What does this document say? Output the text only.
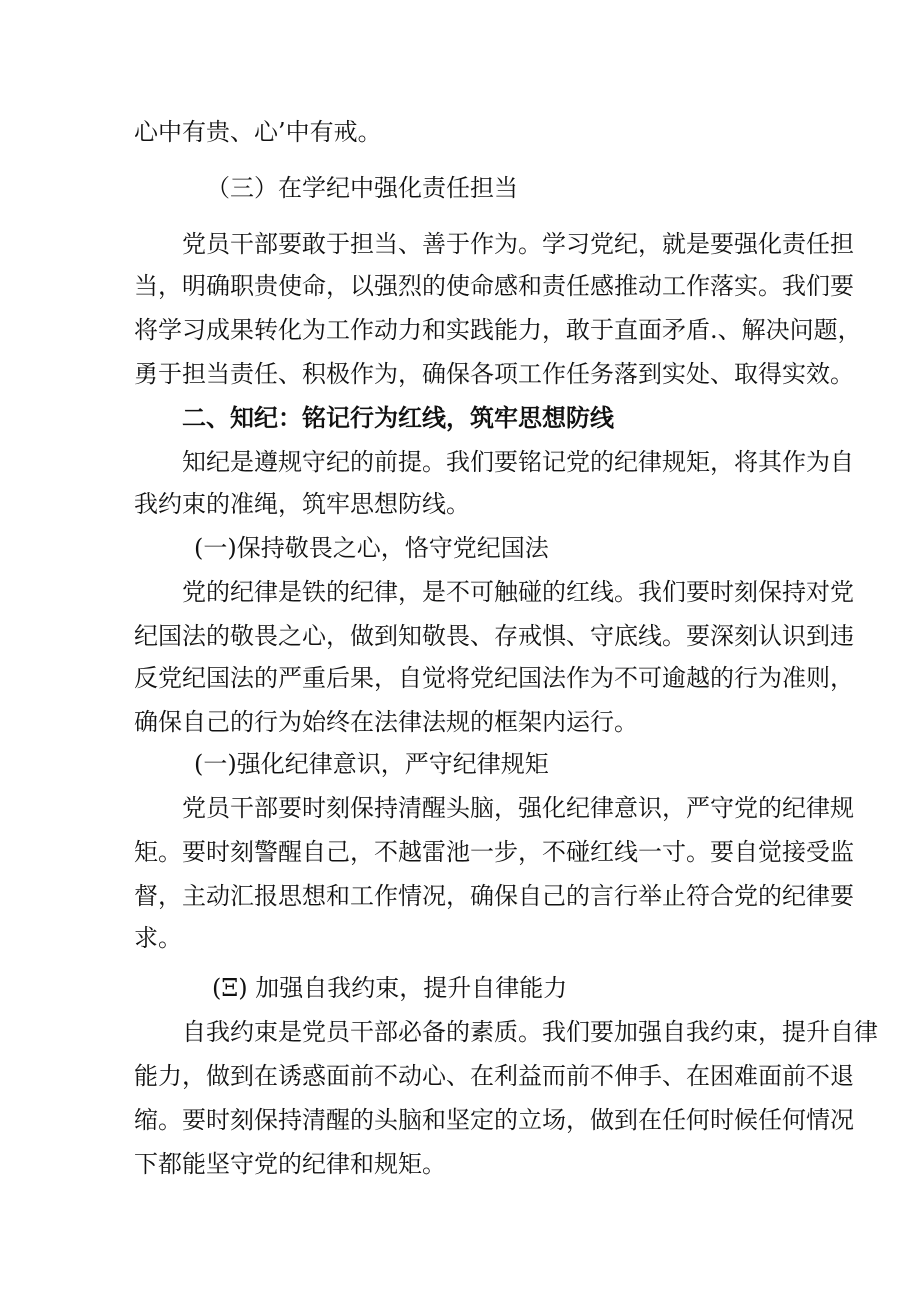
心中有贵、心’中有戒。

（三）在学纪中强化责任担当

党员干部要敢于担当、善于作为。学习党纪，就是要强化责任担

当，明确职贵使命，以强烈的使命感和责任感推动工作落实。我们要

将学习成果转化为工作动力和实践能力，敢于直面矛盾.、解决问题，

勇于担当责任、积极作为，确保各项工作任务落到实处、取得实效。

二、知纪：铭记行为红线，筑牢思想防线

知纪是遵规守纪的前提。我们要铭记党的纪律规矩，将其作为自

我约束的准绳，筑牢思想防线。

(一)保持敬畏之心，恪守党纪国法

党的纪律是铁的纪律，是不可触碰的红线。我们要时刻保持对党

纪国法的敬畏之心，做到知敬畏、存戒惧、守底线。要深刻认识到违

反党纪国法的严重后果，自觉将党纪国法作为不可逾越的行为准则，

确保自己的行为始终在法律法规的框架内运行。

(一)强化纪律意识，严守纪律规矩

党员干部要时刻保持清醒头脑，强化纪律意识，严守党的纪律规

矩。要时刻警醒自己，不越雷池一步，不碰红线一寸。要自觉接受监

督，主动汇报思想和工作情况，确保自己的言行举止符合党的纪律要

求。

(Ξ) 加强自我约束，提升自律能力

自我约束是党员干部必备的素质。我们要加强自我约束，提升自律

能力，做到在诱惑面前不动心、在利益而前不伸手、在困难面前不退

缩。要时刻保持清醒的头脑和坚定的立场，做到在任何时候任何情况

下都能坚守党的纪律和规矩。
